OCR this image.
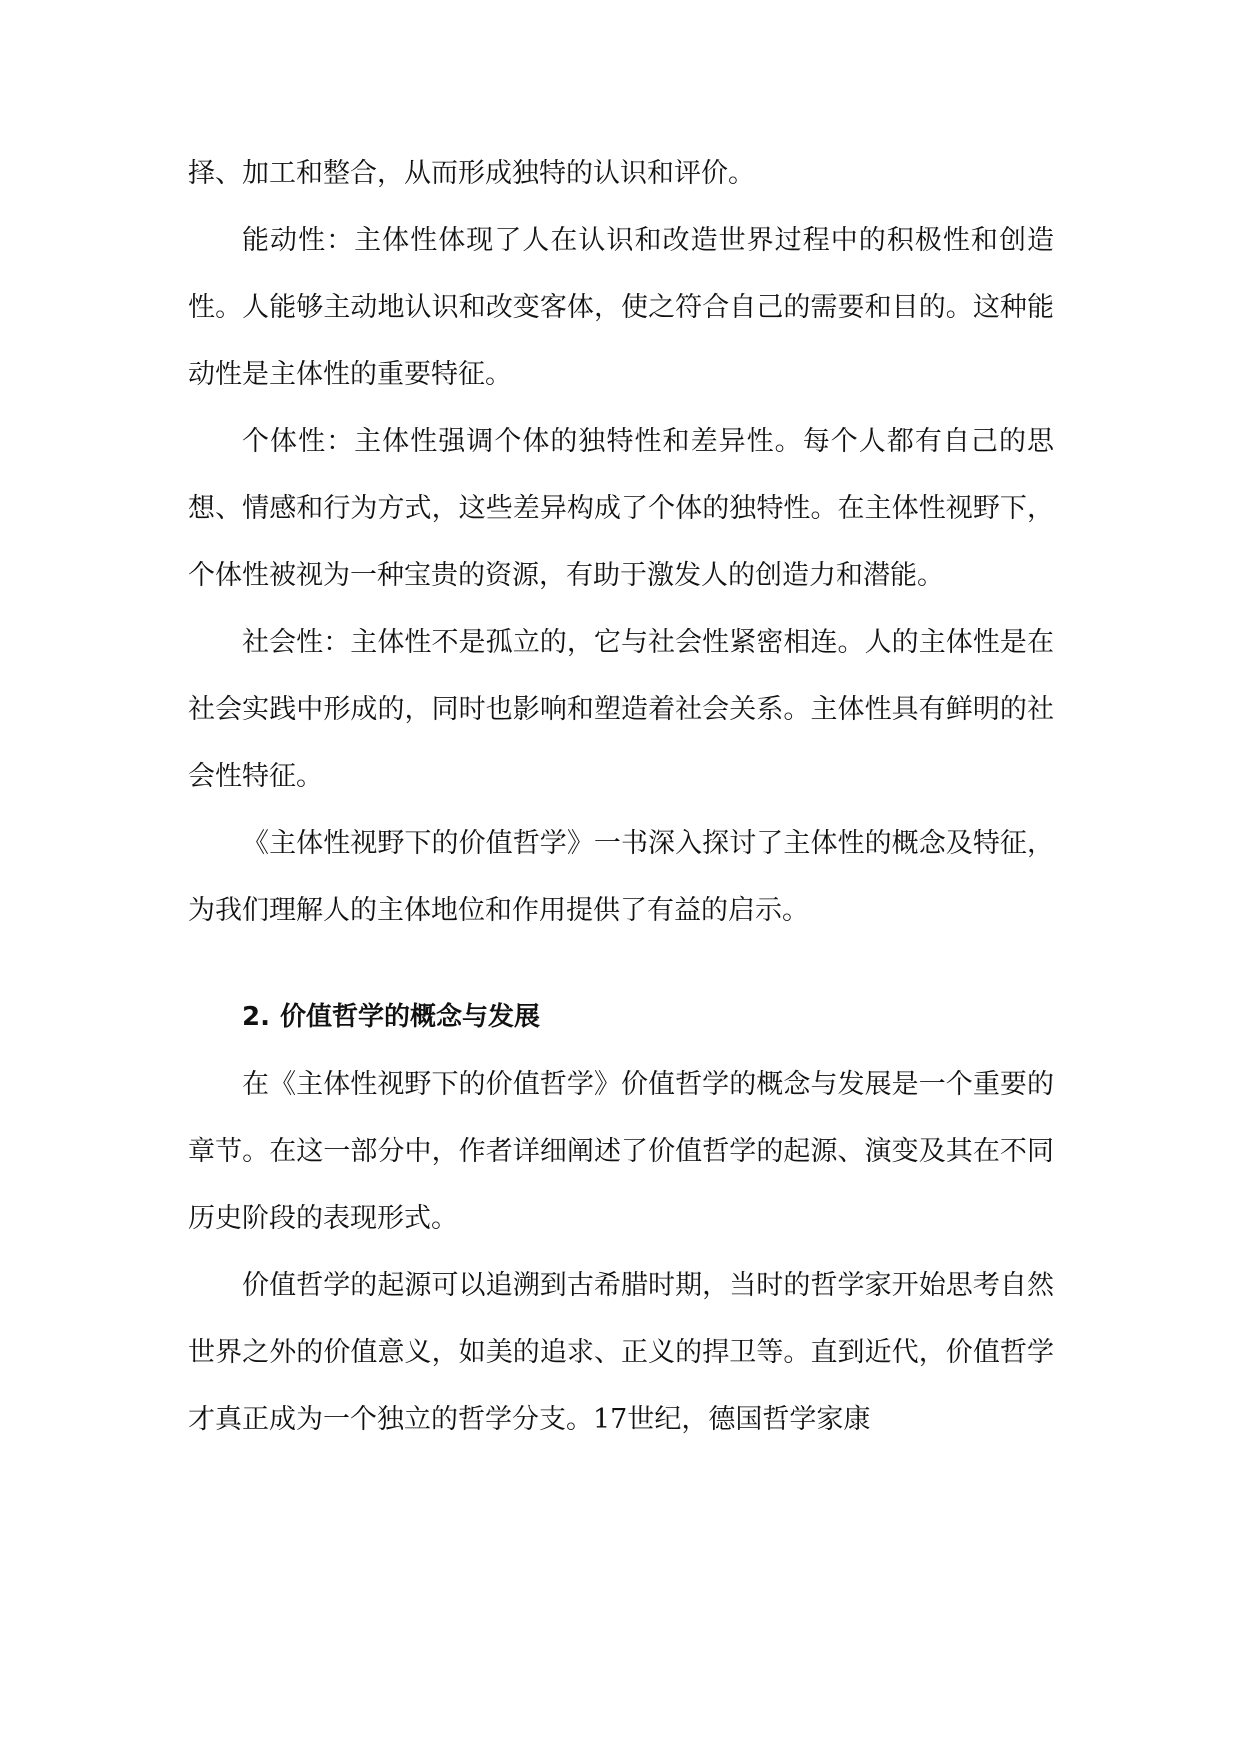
择、加工和整合，从而形成独特的认识和评价。

能动性：主体性体现了人在认识和改造世界过程中的积极性和创造性。人能够主动地认识和改变客体，使之符合自己的需要和目的。这种能动性是主体性的重要特征。

个体性：主体性强调个体的独特性和差异性。每个人都有自己的思想、情感和行为方式，这些差异构成了个体的独特性。在主体性视野下，个体性被视为一种宝贵的资源，有助于激发人的创造力和潜能。

社会性：主体性不是孤立的，它与社会性紧密相连。人的主体性是在社会实践中形成的，同时也影响和塑造着社会关系。主体性具有鲜明的社会性特征。

《主体性视野下的价值哲学》一书深入探讨了主体性的概念及特征，为我们理解人的主体地位和作用提供了有益的启示。

2. 价值哲学的概念与发展

在《主体性视野下的价值哲学》价值哲学的概念与发展是一个重要的章节。在这一部分中，作者详细阐述了价值哲学的起源、演变及其在不同历史阶段的表现形式。

价值哲学的起源可以追溯到古希腊时期，当时的哲学家开始思考自然世界之外的价值意义，如美的追求、正义的捍卫等。直到近代，价值哲学才真正成为一个独立的哲学分支。17世纪，德国哲学家康
